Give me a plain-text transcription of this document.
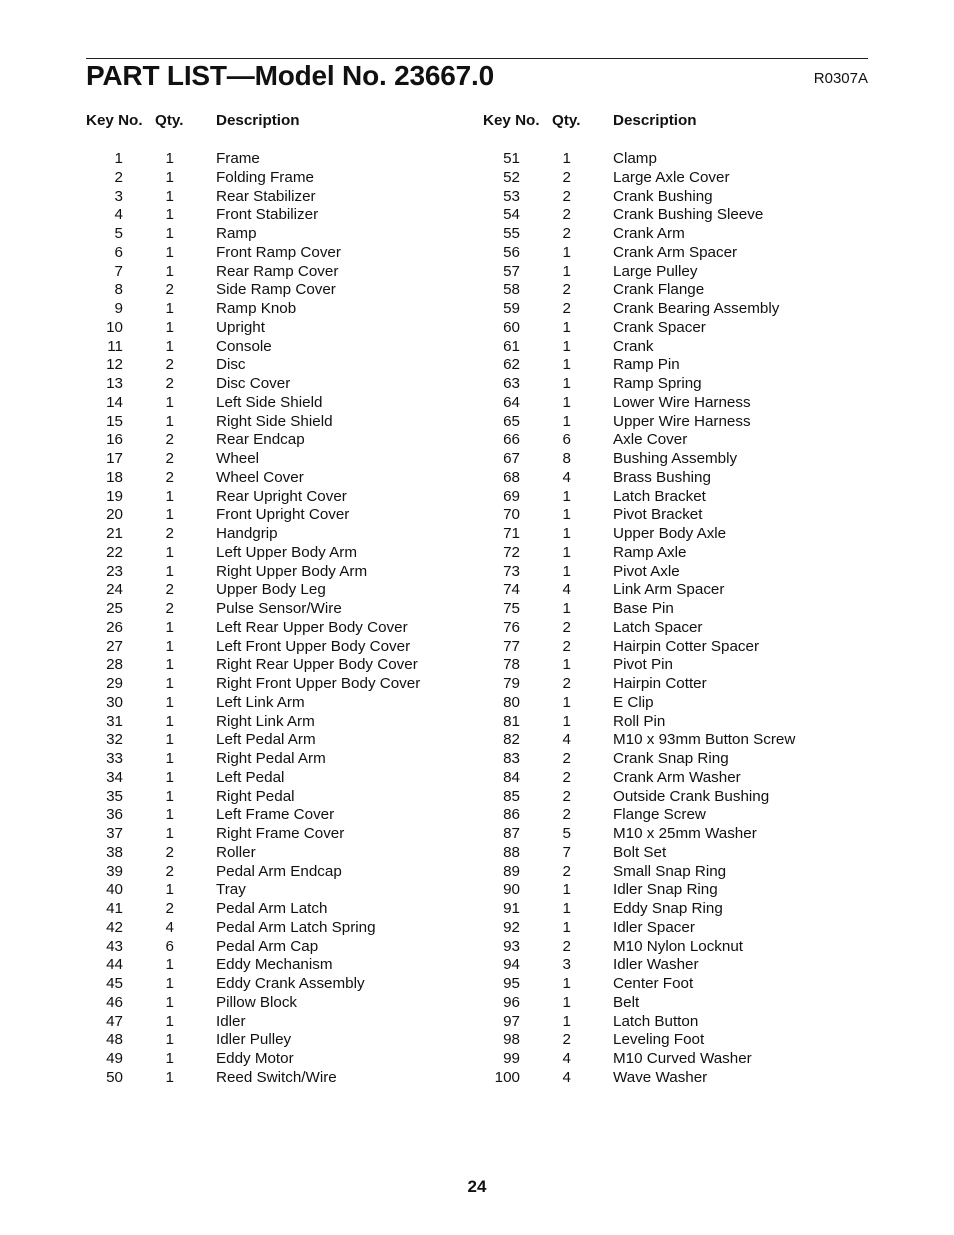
PART LIST—Model No. 23667.0	R0307A
Key No. Qty. Description
1	1	Frame
2	1	Folding Frame
3	1	Rear Stabilizer
4	1	Front Stabilizer
5	1	Ramp
6	1	Front Ramp Cover
7	1	Rear Ramp Cover
8	2	Side Ramp Cover
9	1	Ramp Knob
10	1	Upright
11	1	Console
12	2	Disc
13	2	Disc Cover
14	1	Left Side Shield
15	1	Right Side Shield
16	2	Rear Endcap
17	2	Wheel
18	2	Wheel Cover
19	1	Rear Upright Cover
20	1	Front Upright Cover
21	2	Handgrip
22	1	Left Upper Body Arm
23	1	Right Upper Body Arm
24	2	Upper Body Leg
25	2	Pulse Sensor/Wire
26	1	Left Rear Upper Body Cover
27	1	Left Front Upper Body Cover
28	1	Right Rear Upper Body Cover
29	1	Right Front Upper Body Cover
30	1	Left Link Arm
31	1	Right Link Arm
32	1	Left Pedal Arm
33	1	Right Pedal Arm
34	1	Left Pedal
35	1	Right Pedal
36	1	Left Frame Cover
37	1	Right Frame Cover
38	2	Roller
39	2	Pedal Arm Endcap
40	1	Tray
41	2	Pedal Arm Latch
42	4	Pedal Arm Latch Spring
43	6	Pedal Arm Cap
44	1	Eddy Mechanism
45	1	Eddy Crank Assembly
46	1	Pillow Block
47	1	Idler
48	1	Idler Pulley
49	1	Eddy Motor
50	1	Reed Switch/Wire
Key No. Qty. Description
51	1	Clamp
52	2	Large Axle Cover
53	2	Crank Bushing
54	2	Crank Bushing Sleeve
55	2	Crank Arm
56	1	Crank Arm Spacer
57	1	Large Pulley
58	2	Crank Flange
59	2	Crank Bearing Assembly
60	1	Crank Spacer
61	1	Crank
62	1	Ramp Pin
63	1	Ramp Spring
64	1	Lower Wire Harness
65	1	Upper Wire Harness
66	6	Axle Cover
67	8	Bushing Assembly
68	4	Brass Bushing
69	1	Latch Bracket
70	1	Pivot Bracket
71	1	Upper Body Axle
72	1	Ramp Axle
73	1	Pivot Axle
74	4	Link Arm Spacer
75	1	Base Pin
76	2	Latch Spacer
77	2	Hairpin Cotter Spacer
78	1	Pivot Pin
79	2	Hairpin Cotter
80	1	E Clip
81	1	Roll Pin
82	4	M10 x 93mm Button Screw
83	2	Crank Snap Ring
84	2	Crank Arm Washer
85	2	Outside Crank Bushing
86	2	Flange Screw
87	5	M10 x 25mm Washer
88	7	Bolt Set
89	2	Small Snap Ring
90	1	Idler Snap Ring
91	1	Eddy Snap Ring
92	1	Idler Spacer
93	2	M10 Nylon Locknut
94	3	Idler Washer
95	1	Center Foot
96	1	Belt
97	1	Latch Button
98	2	Leveling Foot
99	4	M10 Curved Washer
100	4	Wave Washer
24
